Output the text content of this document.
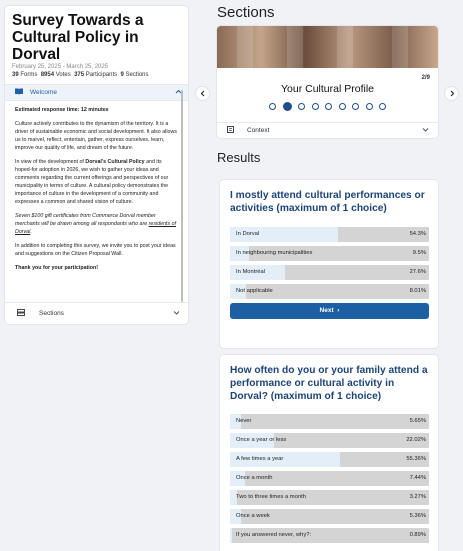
Survey Towards a Cultural Policy in Dorval
February 25, 2025 - March 25, 2025
39 Forms 8954 Votes 375 Participants 9 Sections
Welcome

Estimated response time: 12 minutes

Culture actively contributes to the dynamism of the territory. It is a driver of sustainable economic and social development. It also allows us to marvel, reflect, entertain, gather, express ourselves, learn, improve our quality of life, and dream of the future.

In view of the development of Dorval's Cultural Policy and its hoped-for adoption in 2026, we wish to gather your ideas and comments regarding the current offerings and perspectives of our municipality in terms of culture. A cultural policy demonstrates the importance of culture in the development of a community and expresses a common and shared vision of culture.

Seven $100 gift certificates from Commerce Dorval member merchants will be drawn among all respondants who are residents of Dorval.

In addition to completing this survey, we invite you to post your ideas and suggestions on the Citizen Proposal Wall.

Thank you for your participation!

Sections
Sections
Your Cultural Profile
2/9
Context
Results
I mostly attend cultural performances or activities (maximum of 1 choice)
In Dorval	54.3%
In neighbouring municipalities	9.5%
In Montréal	27.6%
Not applicable	8.01%
Next  ›
How often do you or your family attend a performance or cultural activity in Dorval? (maximum of 1 choice)
Never	5.65%
Once a year or less	22.02%
A few times a year	55.36%
Once a month	7.44%
Two to three times a month	3.27%
Once a week	5.36%
If you answered never, why?:	0.89%
